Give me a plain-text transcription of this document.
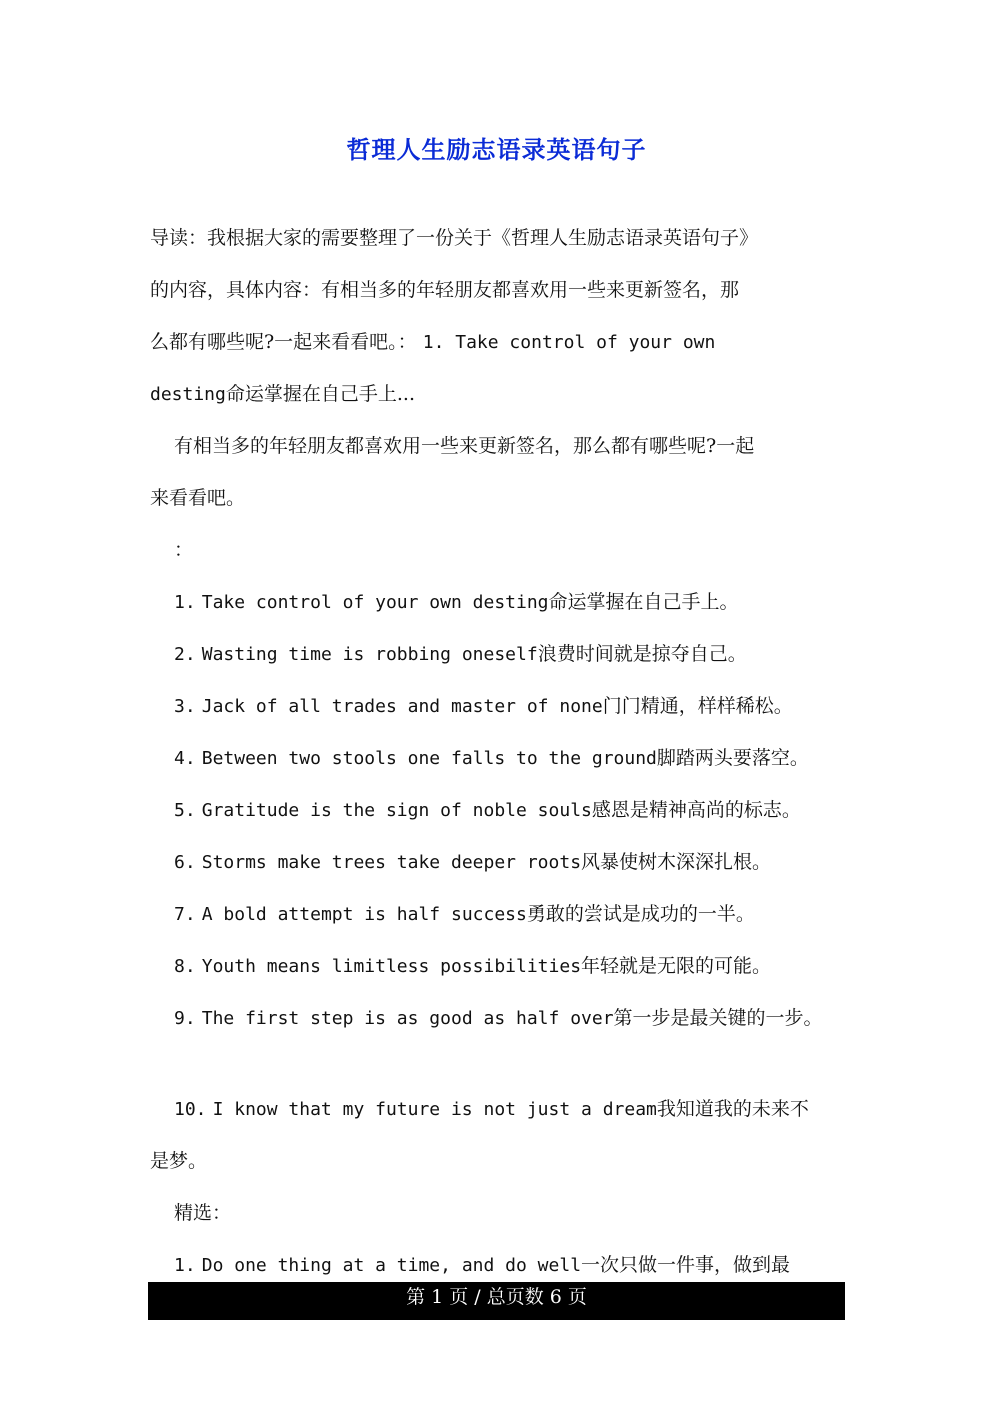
哲理人生励志语录英语句子
导读：我根据大家的需要整理了一份关于《哲理人生励志语录英语句子》
的内容，具体内容：有相当多的年轻朋友都喜欢用一些来更新签名，那
么都有哪些呢?一起来看看吧。： 1. Take control of your own
desting命运掌握在自己手上...
有相当多的年轻朋友都喜欢用一些来更新签名，那么都有哪些呢?一起
来看看吧。
：
1. Take control of your own desting命运掌握在自己手上。
2. Wasting time is robbing oneself浪费时间就是掠夺自己。
3. Jack of all trades and master of none门门精通，样样稀松。
4. Between two stools one falls to the ground脚踏两头要落空。
5. Gratitude is the sign of noble souls感恩是精神高尚的标志。
6. Storms make trees take deeper roots风暴使树木深深扎根。
7. A bold attempt is half success勇敢的尝试是成功的一半。
8. Youth means limitless possibilities年轻就是无限的可能。
9. The first step is as good as half over第一步是最关键的一步。
10. I know that my future is not just a dream我知道我的未来不
是梦。
精选：
1. Do one thing at a time, and do well一次只做一件事，做到最
第 1 页 / 总页数 6 页
